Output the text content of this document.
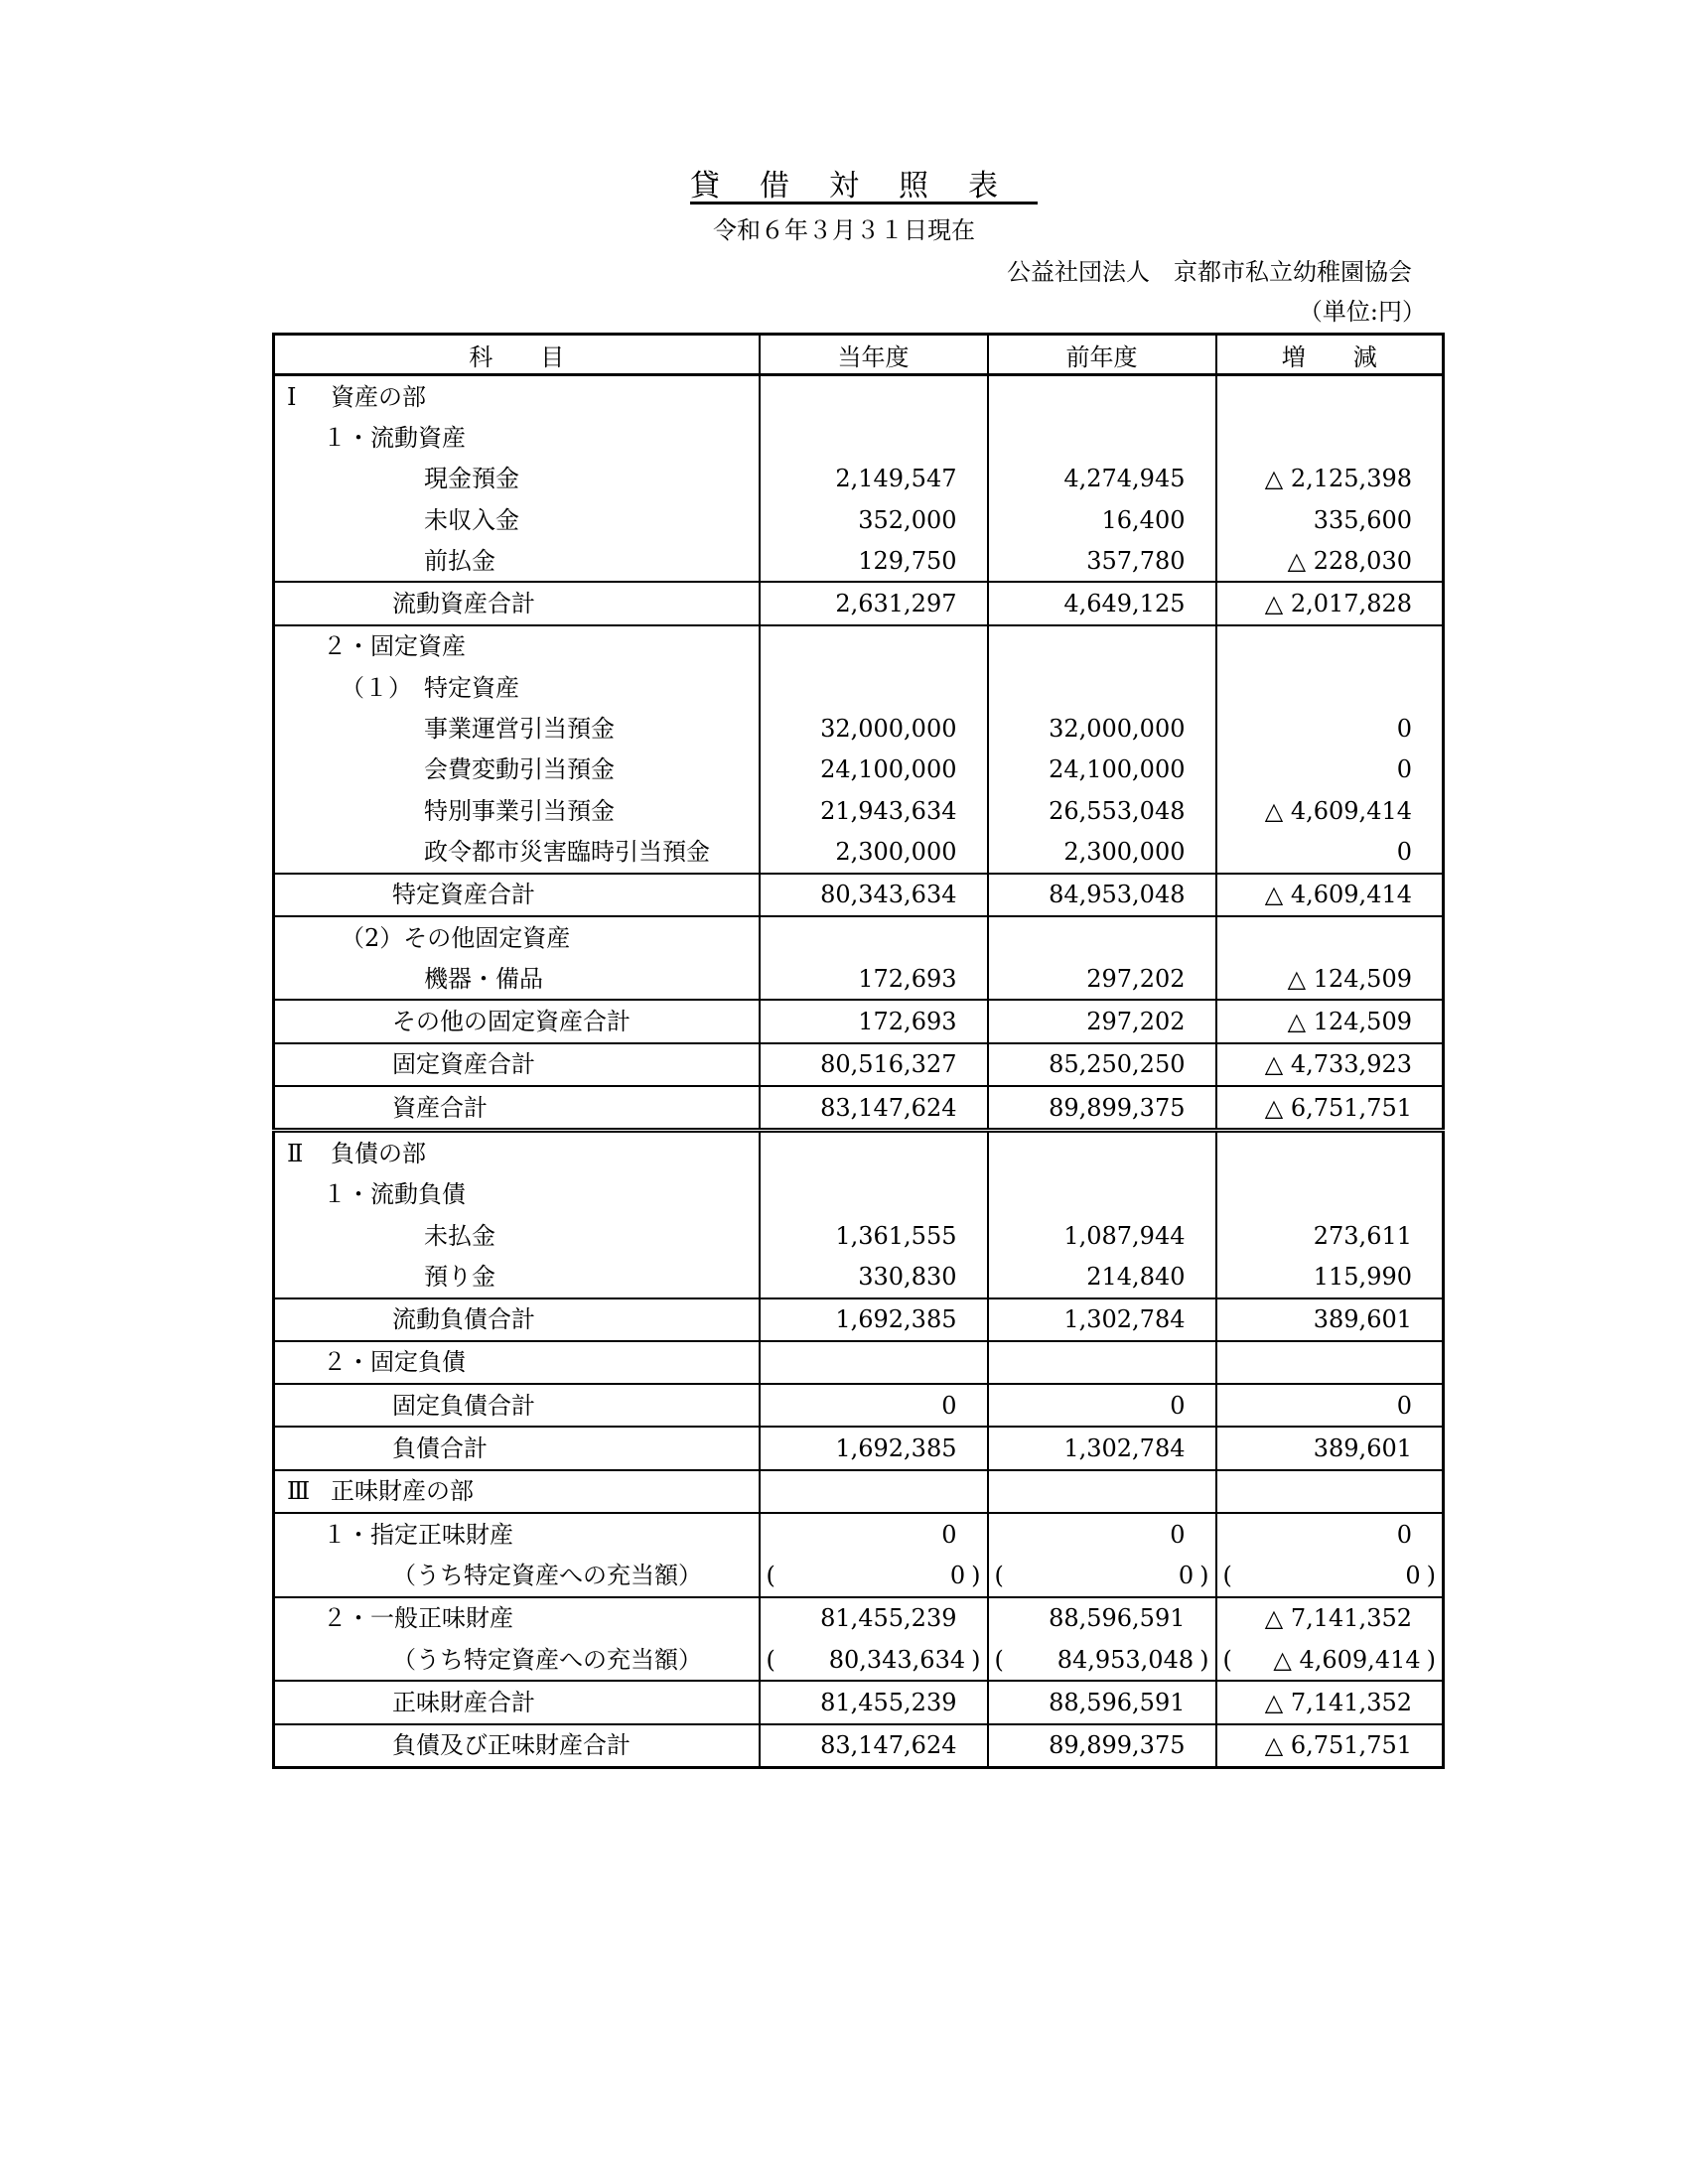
貸借対照表
令和６年３月３１日現在
公益社団法人　京都市私立幼稚園協会
（単位:円）
科　　目	当年度	前年度	増　　減
Ⅰ 資産の部			
１・流動資産			
現金預金	2,149,547	4,274,945	△ 2,125,398
未収入金	352,000	16,400	335,600
前払金	129,750	357,780	△ 228,030
流動資産合計	2,631,297	4,649,125	△ 2,017,828
２・固定資産			
（１）　特定資産			
事業運営引当預金	32,000,000	32,000,000	0
会費変動引当預金	24,100,000	24,100,000	0
特別事業引当預金	21,943,634	26,553,048	△ 4,609,414
政令都市災害臨時引当預金	2,300,000	2,300,000	0
特定資産合計	80,343,634	84,953,048	△ 4,609,414
（2）その他固定資産			
機器・備品	172,693	297,202	△ 124,509
その他の固定資産合計	172,693	297,202	△ 124,509
固定資産合計	80,516,327	85,250,250	△ 4,733,923
資産合計	83,147,624	89,899,375	△ 6,751,751
Ⅱ 負債の部			
１・流動負債			
未払金	1,361,555	1,087,944	273,611
預り金	330,830	214,840	115,990
流動負債合計	1,692,385	1,302,784	389,601
２・固定負債			
固定負債合計	0	0	0
負債合計	1,692,385	1,302,784	389,601
Ⅲ 正味財産の部			
１・指定正味財産	0	0	0
（うち特定資産への充当額）	( 0 )	( 0 )	( 0 )
２・一般正味財産	81,455,239	88,596,591	△ 7,141,352
（うち特定資産への充当額）	( 80,343,634 )	( 84,953,048 )	( △ 4,609,414 )
正味財産合計	81,455,239	88,596,591	△ 7,141,352
負債及び正味財産合計	83,147,624	89,899,375	△ 6,751,751
